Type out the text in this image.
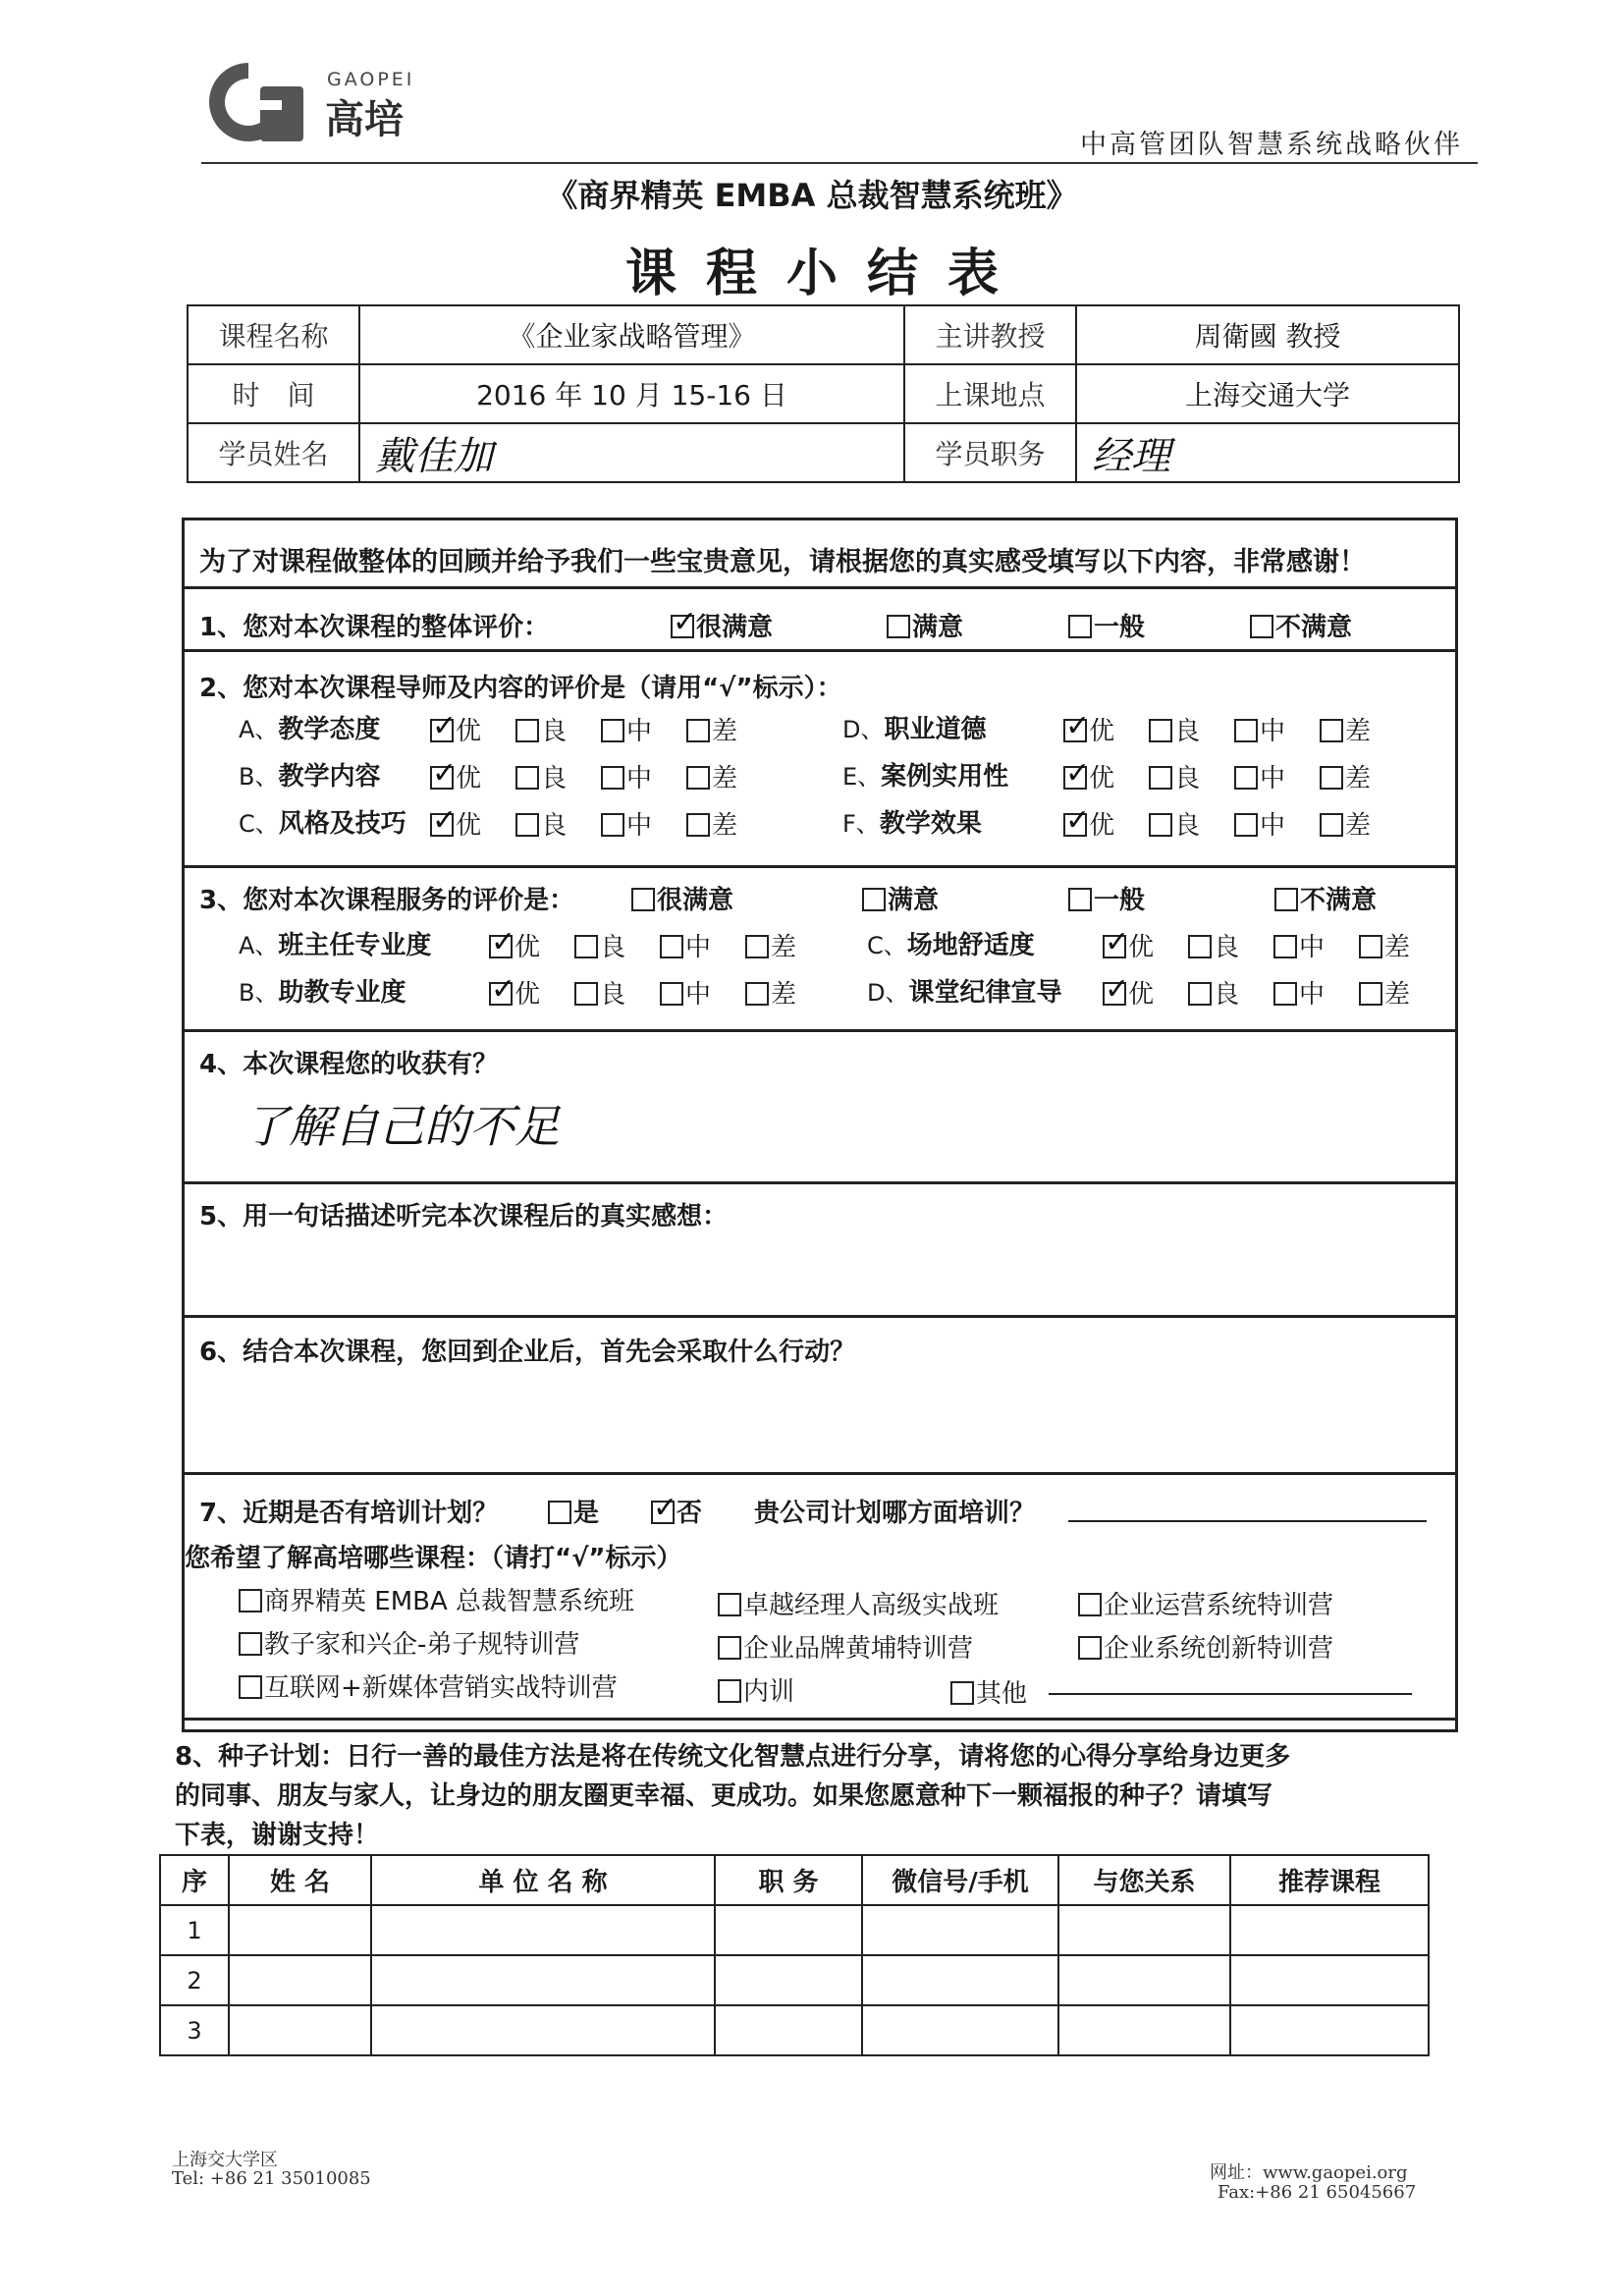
GAOPEI
高培
中高管团队智慧系统战略伙伴
《商界精英 EMBA 总裁智慧系统班》
课程小结表
课程名称	《企业家战略管理》	主讲教授	周衛國 教授
时　间	2016 年 10 月 15-16 日	上课地点	上海交通大学
学员姓名	戴佳加	学员职务	经理
为了对课程做整体的回顾并给予我们一些宝贵意见，请根据您的真实感受填写以下内容，非常感谢！
1、您对本次课程的整体评价： ✓	很满意	满意	一般	不满意
2、您对本次课程导师及内容的评价是（请用“√”标示）：
A、教学态度 ✓	优	良	中	差
B、教学内容 ✓	优	良	中	差
C、风格及技巧 ✓	优	良	中	差
D、职业道德 ✓	优	良	中	差
E、案例实用性 ✓	优	良	中	差
F、教学效果 ✓	优	良	中	差
3、您对本次课程服务的评价是：	很满意	满意	一般	不满意
A、班主任专业度 ✓	优	良	中	差
B、助教专业度 ✓	优	良	中	差
C、场地舒适度 ✓	优	良	中	差
D、课堂纪律宣导 ✓	优	良	中	差
4、本次课程您的收获有？
了解自己的不足
5、用一句话描述听完本次课程后的真实感想：
6、结合本次课程，您回到企业后，首先会采取什么行动？
7、近期是否有培训计划？	是 ✓	否 贵公司计划哪方面培训？
您希望了解高培哪些课程：（请打“√”标示）
商界精英 EMBA 总裁智慧系统班	卓越经理人高级实战班	企业运营系统特训营
教子家和兴企-弟子规特训营	企业品牌黄埔特训营	企业系统创新特训营
互联网+新媒体营销实战特训营	内训	其他
8、种子计划：日行一善的最佳方法是将在传统文化智慧点进行分享，请将您的心得分享给身边更多
的同事、朋友与家人，让身边的朋友圈更幸福、更成功。如果您愿意种下一颗福报的种子？请填写
下表，谢谢支持！
序	姓 名	单 位 名 称	职 务	微信号/手机	与您关系	推荐课程
1						
2						
3						
上海交大学区
Tel: +86 21 35010085	网址：www.gaopei.org
Fax:+86 21 65045667
